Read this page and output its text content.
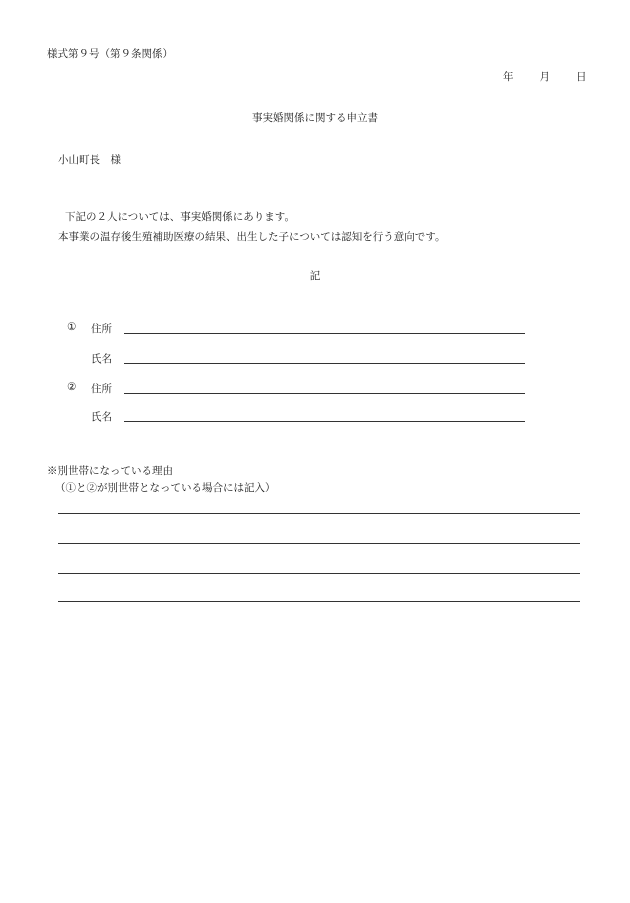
様式第９号（第９条関係）
年 月 日
事実婚関係に関する申立書
小山町長　様
下記の２人については、事実婚関係にあります。
本事業の温存後生殖補助医療の結果、出生した子については認知を行う意向です。
記
① 住所
氏名
② 住所
氏名
※別世帯になっている理由
（①と②が別世帯となっている場合には記入）
